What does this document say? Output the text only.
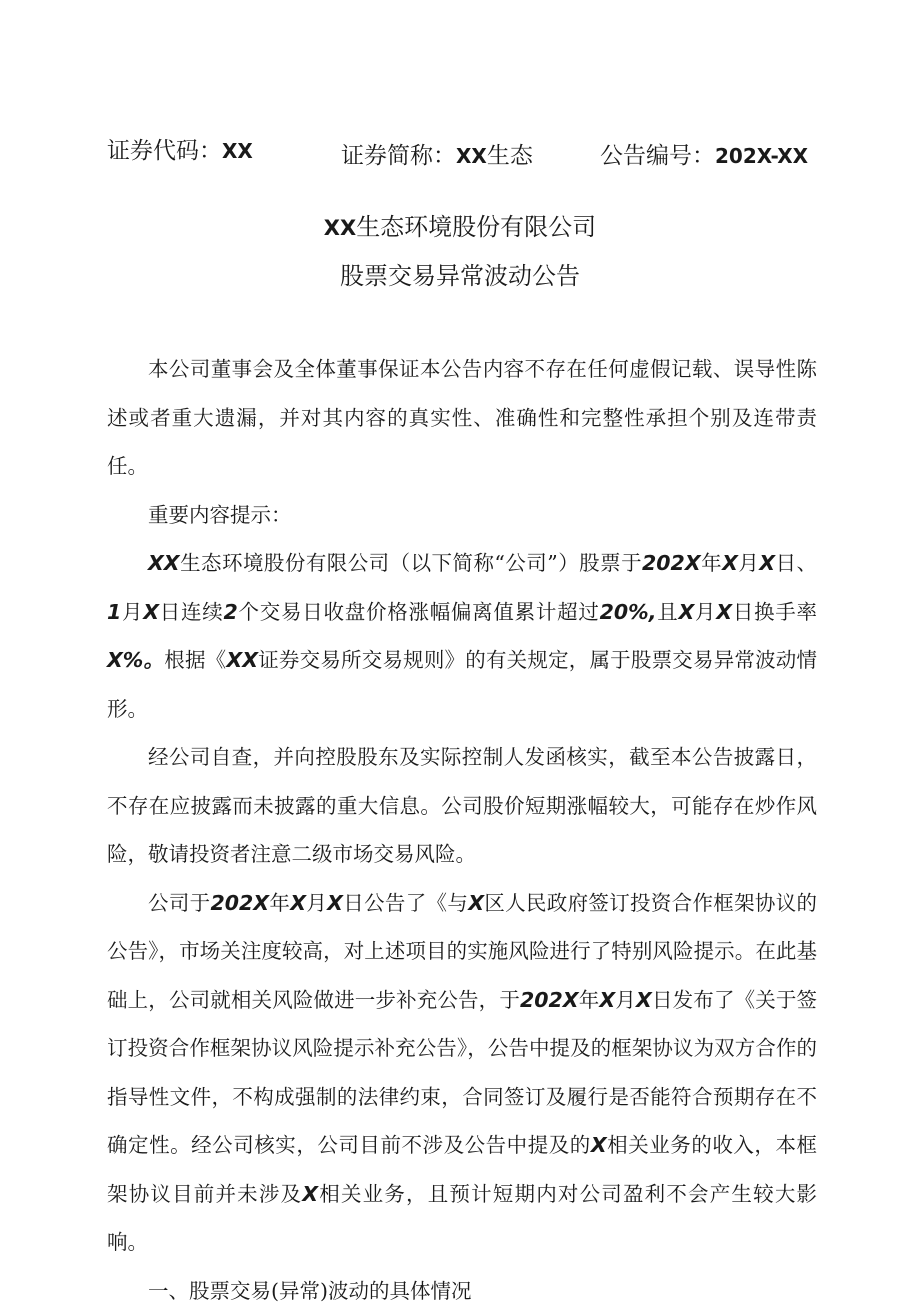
证券代码：XX	证券简称：XX生态	公告编号：202X-XX
XX生态环境股份有限公司
股票交易异常波动公告

本公司董事会及全体董事保证本公告内容不存在任何虚假记载、误导性陈述或者重大遗漏，并对其内容的真实性、准确性和完整性承担个别及连带责任。

重要内容提示：

XX生态环境股份有限公司（以下简称“公司”）股票于202X年X月X日、1月X日连续2个交易日收盘价格涨幅偏离值累计超过20%,且X月X日换手率X%。根据《XX证券交易所交易规则》的有关规定，属于股票交易异常波动情形。

经公司自查，并向控股股东及实际控制人发函核实，截至本公告披露日，不存在应披露而未披露的重大信息。公司股价短期涨幅较大，可能存在炒作风险，敬请投资者注意二级市场交易风险。

公司于202X年X月X日公告了《与X区人民政府签订投资合作框架协议的公告》，市场关注度较高，对上述项目的实施风险进行了特别风险提示。在此基础上，公司就相关风险做进一步补充公告，于202X年X月X日发布了《关于签订投资合作框架协议风险提示补充公告》，公告中提及的框架协议为双方合作的指导性文件，不构成强制的法律约束，合同签订及履行是否能符合预期存在不确定性。经公司核实，公司目前不涉及公告中提及的X相关业务的收入，本框架协议目前并未涉及X相关业务，且预计短期内对公司盈利不会产生较大影响。

一、股票交易(异常)波动的具体情况
